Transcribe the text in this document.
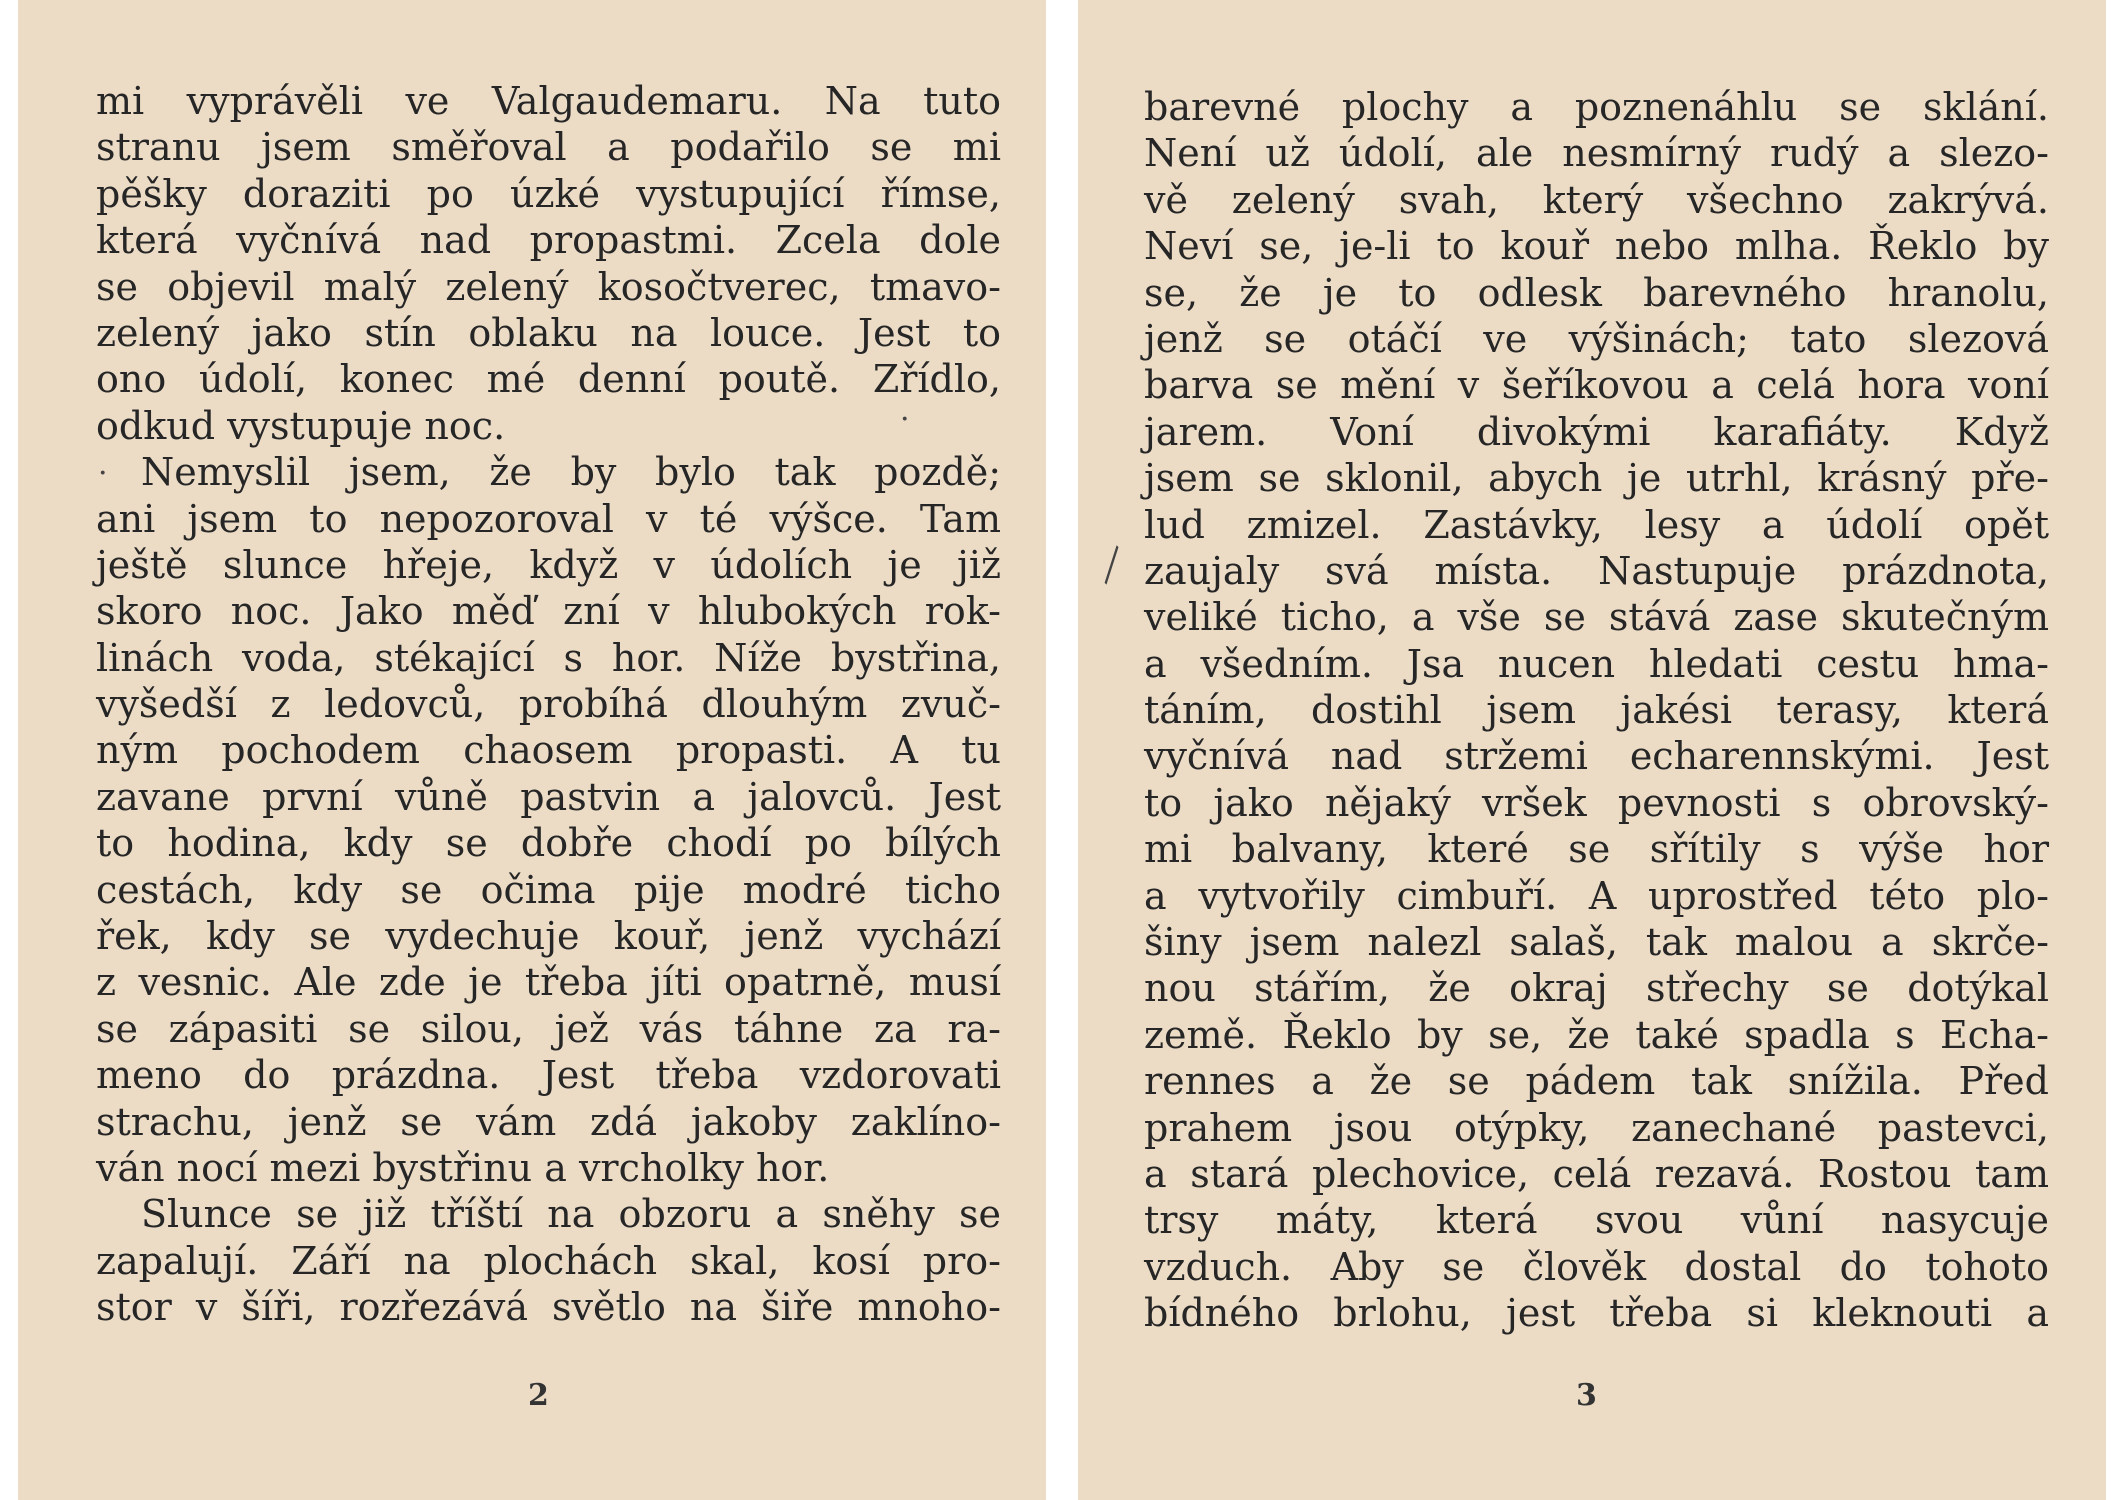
mi vyprávěli ve Valgaudemaru. Na tuto
stranu jsem směřoval a podařilo se mi
pěšky doraziti po úzké vystupující římse,
která vyčnívá nad propastmi. Zcela dole
se objevil malý zelený kosočtverec, tmavo-
zelený jako stín oblaku na louce. Jest to
ono údolí, konec mé denní poutě. Zřídlo,
odkud vystupuje noc.
Nemyslil jsem, že by bylo tak pozdě;
ani jsem to nepozoroval v té výšce. Tam
ještě slunce hřeje, když v údolích je již
skoro noc. Jako měď zní v hlubokých rok-
linách voda, stékající s hor. Níže bystřina,
vyšedší z ledovců, probíhá dlouhým zvuč-
ným pochodem chaosem propasti. A tu
zavane první vůně pastvin a jalovců. Jest
to hodina, kdy se dobře chodí po bílých
cestách, kdy se očima pije modré ticho
řek, kdy se vydechuje kouř, jenž vychází
z vesnic. Ale zde je třeba jíti opatrně, musí
se zápasiti se silou, jež vás táhne za ra-
meno do prázdna. Jest třeba vzdorovati
strachu, jenž se vám zdá jakoby zaklíno-
ván nocí mezi bystřinu a vrcholky hor.
Slunce se již tříští na obzoru a sněhy se
zapalují. Září na plochách skal, kosí pro-
stor v šíři, rozřezává světlo na šiře mnoho-
·
·
2
barevné plochy a poznenáhlu se sklání.
Není už údolí, ale nesmírný rudý a slezo-
vě zelený svah, který všechno zakrývá.
Neví se, je-li to kouř nebo mlha. Řeklo by
se, že je to odlesk barevného hranolu,
jenž se otáčí ve výšinách; tato slezová
barva se mění v šeříkovou a celá hora voní
jarem. Voní divokými karafiáty. Když
jsem se sklonil, abych je utrhl, krásný pře-
lud zmizel. Zastávky, lesy a údolí opět
zaujaly svá místa. Nastupuje prázdnota,
veliké ticho, a vše se stává zase skutečným
a všedním. Jsa nucen hledati cestu hma-
táním, dostihl jsem jakési terasy, která
vyčnívá nad stržemi echarennskými. Jest
to jako nějaký vršek pevnosti s obrovský-
mi balvany, které se sřítily s výše hor
a vytvořily cimbuří. A uprostřed této plo-
šiny jsem nalezl salaš, tak malou a skrče-
nou stářím, že okraj střechy se dotýkal
země. Řeklo by se, že také spadla s Echa-
rennes a že se pádem tak snížila. Před
prahem jsou otýpky, zanechané pastevci,
a stará plechovice, celá rezavá. Rostou tam
trsy máty, která svou vůní nasycuje
vzduch. Aby se člověk dostal do tohoto
bídného brlohu, jest třeba si kleknouti a
╲
3
